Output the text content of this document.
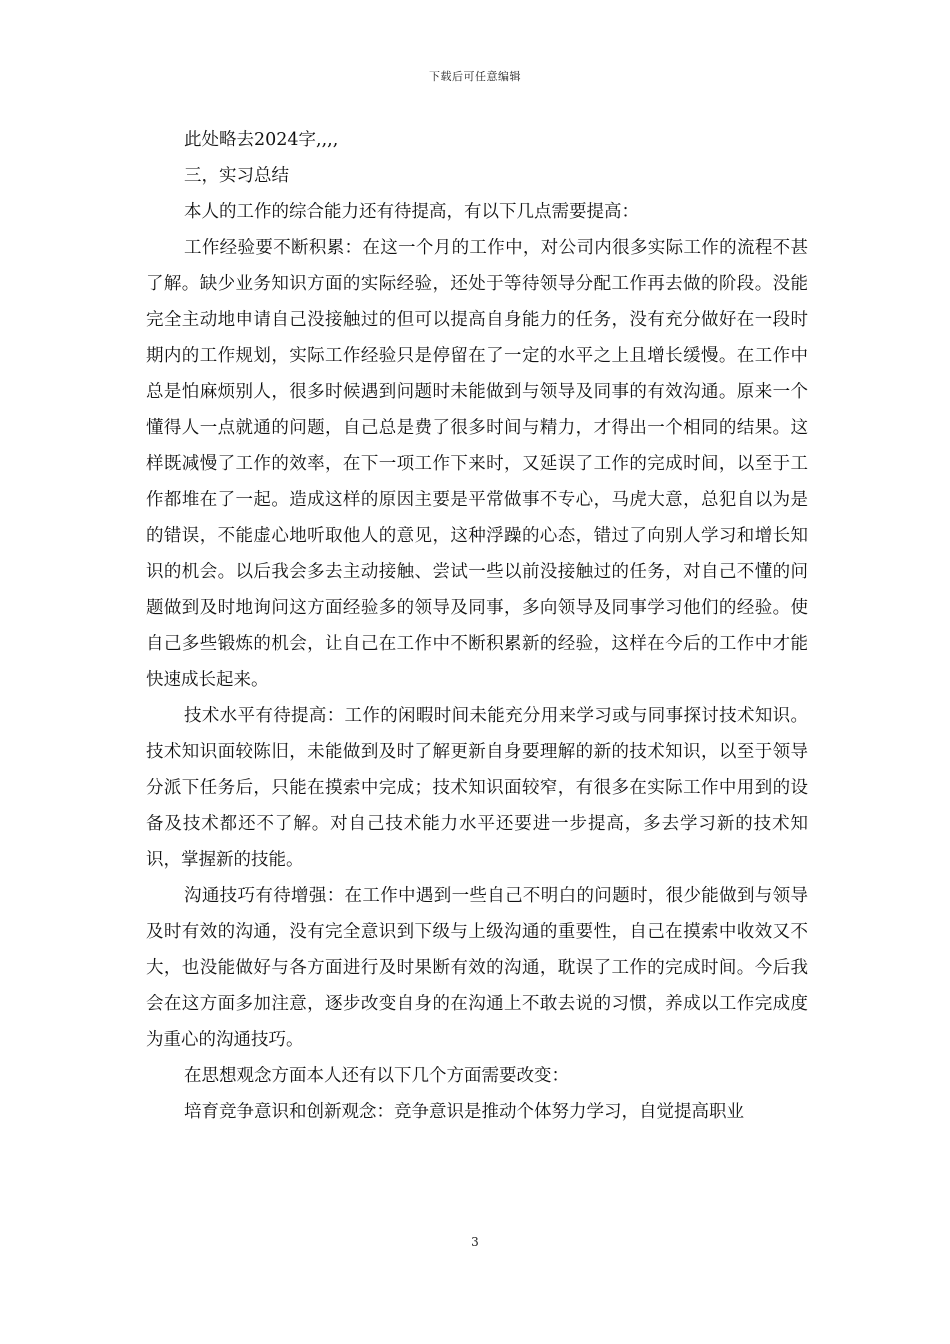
下载后可任意编辑

此处略去2024字,,,,

三，实习总结

本人的工作的综合能力还有待提高，有以下几点需要提高：

工作经验要不断积累：在这一个月的工作中，对公司内很多实际工作的流程不甚了解。缺少业务知识方面的实际经验，还处于等待领导分配工作再去做的阶段。没能完全主动地申请自己没接触过的但可以提高自身能力的任务，没有充分做好在一段时期内的工作规划，实际工作经验只是停留在了一定的水平之上且增长缓慢。在工作中总是怕麻烦别人，很多时候遇到问题时未能做到与领导及同事的有效沟通。原来一个懂得人一点就通的问题，自己总是费了很多时间与精力，才得出一个相同的结果。这样既减慢了工作的效率，在下一项工作下来时，又延误了工作的完成时间，以至于工作都堆在了一起。造成这样的原因主要是平常做事不专心，马虎大意，总犯自以为是的错误，不能虚心地听取他人的意见，这种浮躁的心态，错过了向别人学习和增长知识的机会。以后我会多去主动接触、尝试一些以前没接触过的任务，对自己不懂的问题做到及时地询问这方面经验多的领导及同事，多向领导及同事学习他们的经验。使自己多些锻炼的机会，让自己在工作中不断积累新的经验，这样在今后的工作中才能快速成长起来。

技术水平有待提高：工作的闲暇时间未能充分用来学习或与同事探讨技术知识。技术知识面较陈旧，未能做到及时了解更新自身要理解的新的技术知识，以至于领导分派下任务后，只能在摸索中完成；技术知识面较窄，有很多在实际工作中用到的设备及技术都还不了解。对自己技术能力水平还要进一步提高，多去学习新的技术知识，掌握新的技能。

沟通技巧有待增强：在工作中遇到一些自己不明白的问题时，很少能做到与领导及时有效的沟通，没有完全意识到下级与上级沟通的重要性，自己在摸索中收效又不大，也没能做好与各方面进行及时果断有效的沟通，耽误了工作的完成时间。今后我会在这方面多加注意，逐步改变自身的在沟通上不敢去说的习惯，养成以工作完成度为重心的沟通技巧。

在思想观念方面本人还有以下几个方面需要改变：

培育竞争意识和创新观念：竞争意识是推动个体努力学习，自觉提高职业

3
